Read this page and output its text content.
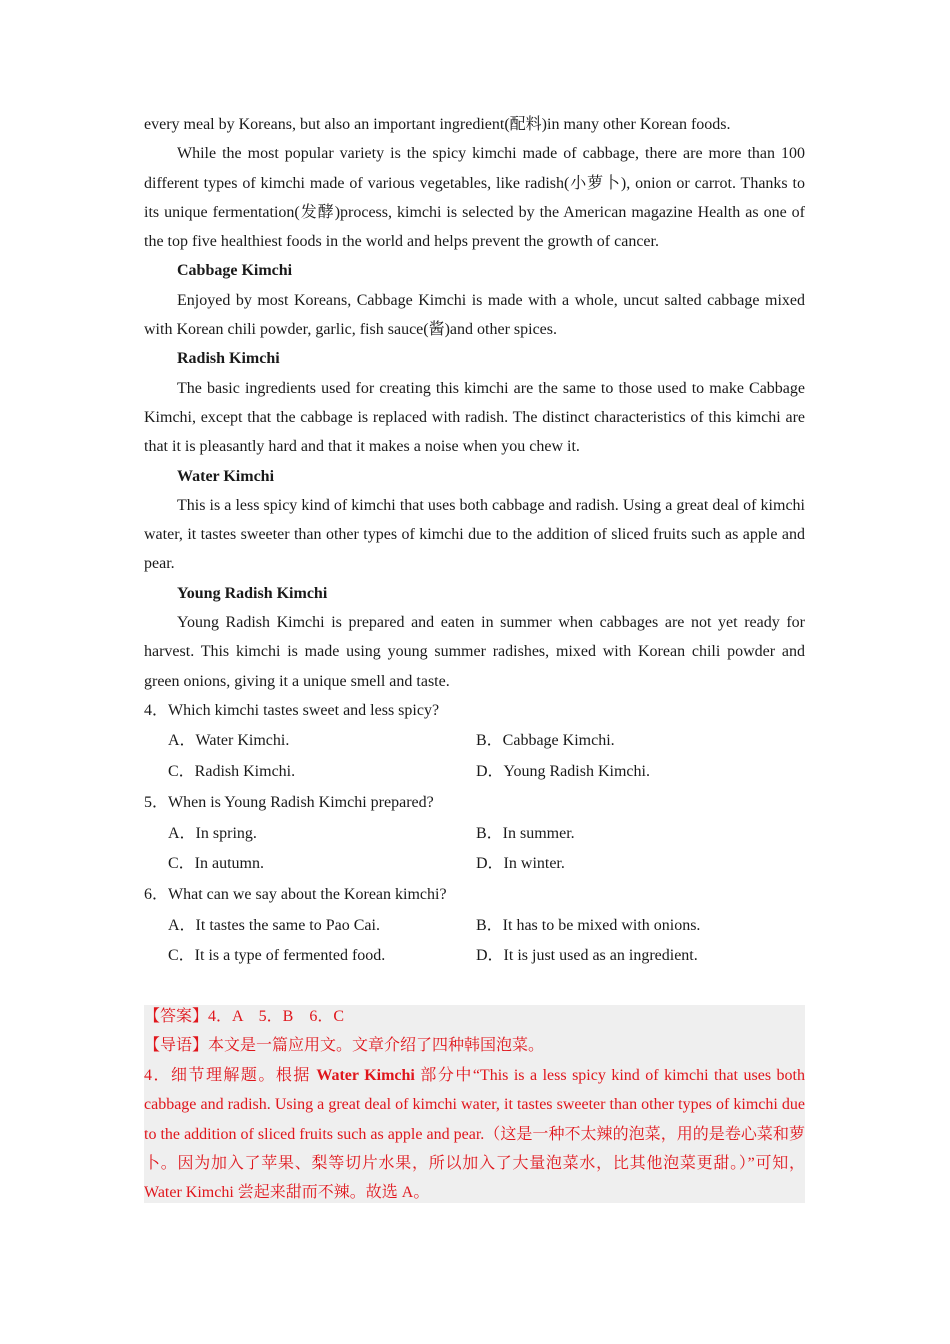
every meal by Koreans, but also an important ingredient(配料)in many other Korean foods.

While the most popular variety is the spicy kimchi made of cabbage, there are more than 100 different types of kimchi made of various vegetables, like radish(小萝卜), onion or carrot. Thanks to its unique fermentation(发酵)process, kimchi is selected by the American magazine Health as one of the top five healthiest foods in the world and helps prevent the growth of cancer.

Cabbage Kimchi

Enjoyed by most Koreans, Cabbage Kimchi is made with a whole, uncut salted cabbage mixed with Korean chili powder, garlic, fish sauce(酱)and other spices.

Radish Kimchi

The basic ingredients used for creating this kimchi are the same to those used to make Cabbage Kimchi, except that the cabbage is replaced with radish. The distinct characteristics of this kimchi are that it is pleasantly hard and that it makes a noise when you chew it.

Water Kimchi

This is a less spicy kind of kimchi that uses both cabbage and radish. Using a great deal of kimchi water, it tastes sweeter than other types of kimchi due to the addition of sliced fruits such as apple and pear.

Young Radish Kimchi

Young Radish Kimchi is prepared and eaten in summer when cabbages are not yet ready for harvest. This kimchi is made using young summer radishes, mixed with Korean chili powder and green onions, giving it a unique smell and taste.

4．Which kimchi tastes sweet and less spicy?

A．Water Kimchi.	B．Cabbage Kimchi.
C．Radish Kimchi.	D．Young Radish Kimchi.

5．When is Young Radish Kimchi prepared?

A．In spring.	B．In summer.
C．In autumn.	D．In winter.

6．What can we say about the Korean kimchi?

A．It tastes the same to Pao Cai.	B．It has to be mixed with onions.
C．It is a type of fermented food.	D．It is just used as an ingredient.

【答案】4．A　5．B　6．C

【导语】本文是一篇应用文。文章介绍了四种韩国泡菜。

4．细节理解题。根据 Water Kimchi 部分中“This is a less spicy kind of kimchi that uses both cabbage and radish. Using a great deal of kimchi water, it tastes sweeter than other types of kimchi due to the addition of sliced fruits such as apple and pear.（这是一种不太辣的泡菜，用的是卷心菜和萝卜。因为加入了苹果、梨等切片水果，所以加入了大量泡菜水，比其他泡菜更甜。）”可知，Water Kimchi 尝起来甜而不辣。故选 A。
